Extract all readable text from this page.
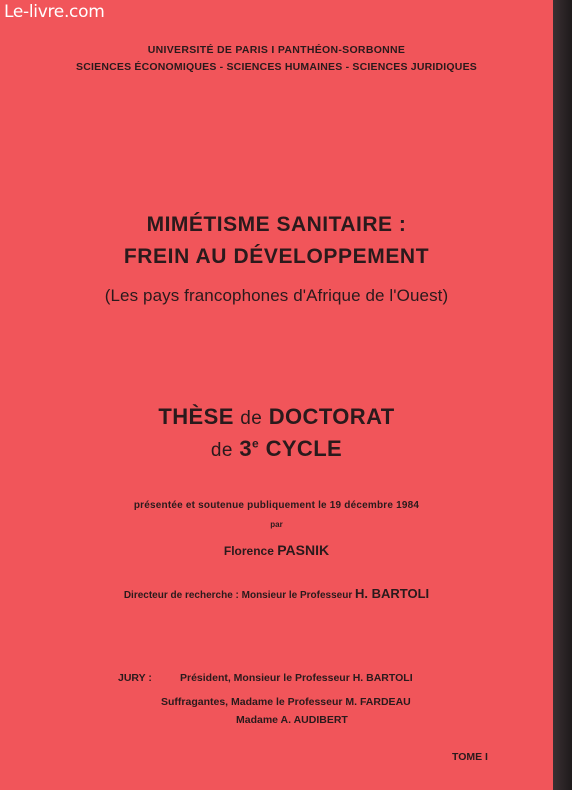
Le-livre.com
UNIVERSITÉ DE PARIS I PANTHÉON-SORBONNE
SCIENCES ÉCONOMIQUES - SCIENCES HUMAINES - SCIENCES JURIDIQUES
MIMÉTISME SANITAIRE :
FREIN AU DÉVELOPPEMENT
(Les pays francophones d'Afrique de l'Ouest)
THÈSE de DOCTORAT
de 3e CYCLE
présentée et soutenue publiquement le 19 décembre 1984
par
Florence PASNIK
Directeur de recherche : Monsieur le Professeur H. BARTOLI
JURY :	Président, Monsieur le Professeur H. BARTOLI
Suffragantes, Madame le Professeur M. FARDEAU
Madame A. AUDIBERT
TOME I
